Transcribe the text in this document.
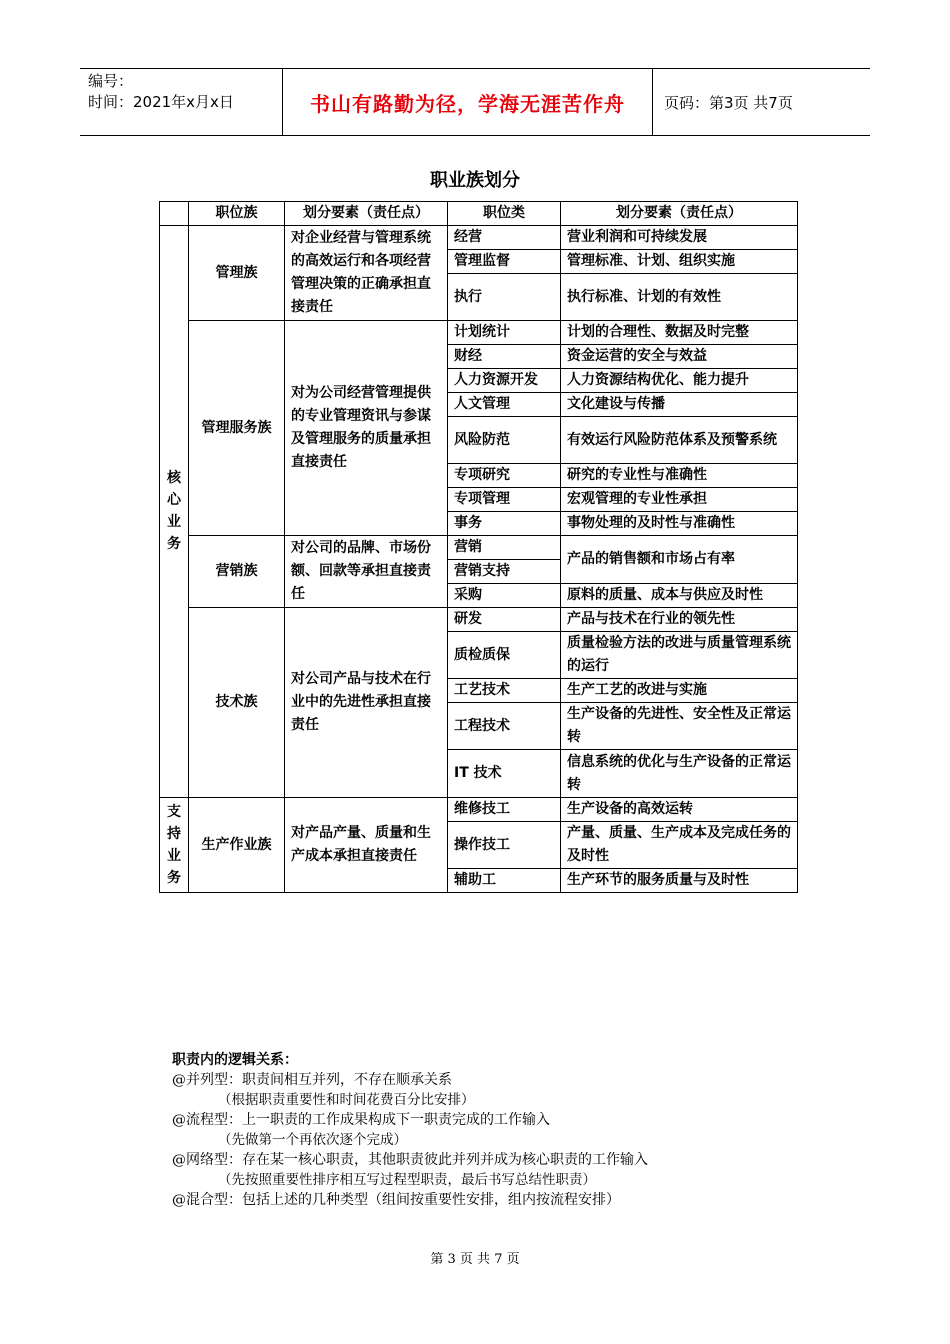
编号：
时间：2021年x月x日	书山有路勤为径，学海无涯苦作舟	页码：第3页 共7页
职业族划分
	职位族	划分要素（责任点）	职位类	划分要素（责任点）
核心业务	管理族	对企业经营与管理系统的高效运行和各项经营管理决策的正确承担直接责任	经营	营业利润和可持续发展
			管理监督	管理标准、计划、组织实施
			执行	执行标准、计划的有效性
	管理服务族	对为公司经营管理提供的专业管理资讯与参谋及管理服务的质量承担直接责任	计划统计	计划的合理性、数据及时完整
			财经	资金运营的安全与效益
			人力资源开发	人力资源结构优化、能力提升
			人文管理	文化建设与传播
			风险防范	有效运行风险防范体系及预警系统
			专项研究	研究的专业性与准确性
			专项管理	宏观管理的专业性承担
			事务	事物处理的及时性与准确性
	营销族	对公司的品牌、市场份额、回款等承担直接责任	营销	产品的销售额和市场占有率
			营销支持	
			采购	原料的质量、成本与供应及时性
	技术族	对公司产品与技术在行业中的先进性承担直接责任	研发	产品与技术在行业的领先性
			质检质保	质量检验方法的改进与质量管理系统的运行
			工艺技术	生产工艺的改进与实施
			工程技术	生产设备的先进性、安全性及正常运转
			IT 技术	信息系统的优化与生产设备的正常运转
支持业务	生产作业族	对产品产量、质量和生产成本承担直接责任	维修技工	生产设备的高效运转
			操作技工	产量、质量、生产成本及完成任务的及时性
			辅助工	生产环节的服务质量与及时性
职责内的逻辑关系：
@并列型：职责间相互并列，不存在顺承关系
（根据职责重要性和时间花费百分比安排）
@流程型：上一职责的工作成果构成下一职责完成的工作输入
（先做第一个再依次逐个完成）
@网络型：存在某一核心职责，其他职责彼此并列并成为核心职责的工作输入
（先按照重要性排序相互写过程型职责，最后书写总结性职责）
@混合型：包括上述的几种类型（组间按重要性安排，组内按流程安排）
第 3 页 共 7 页
